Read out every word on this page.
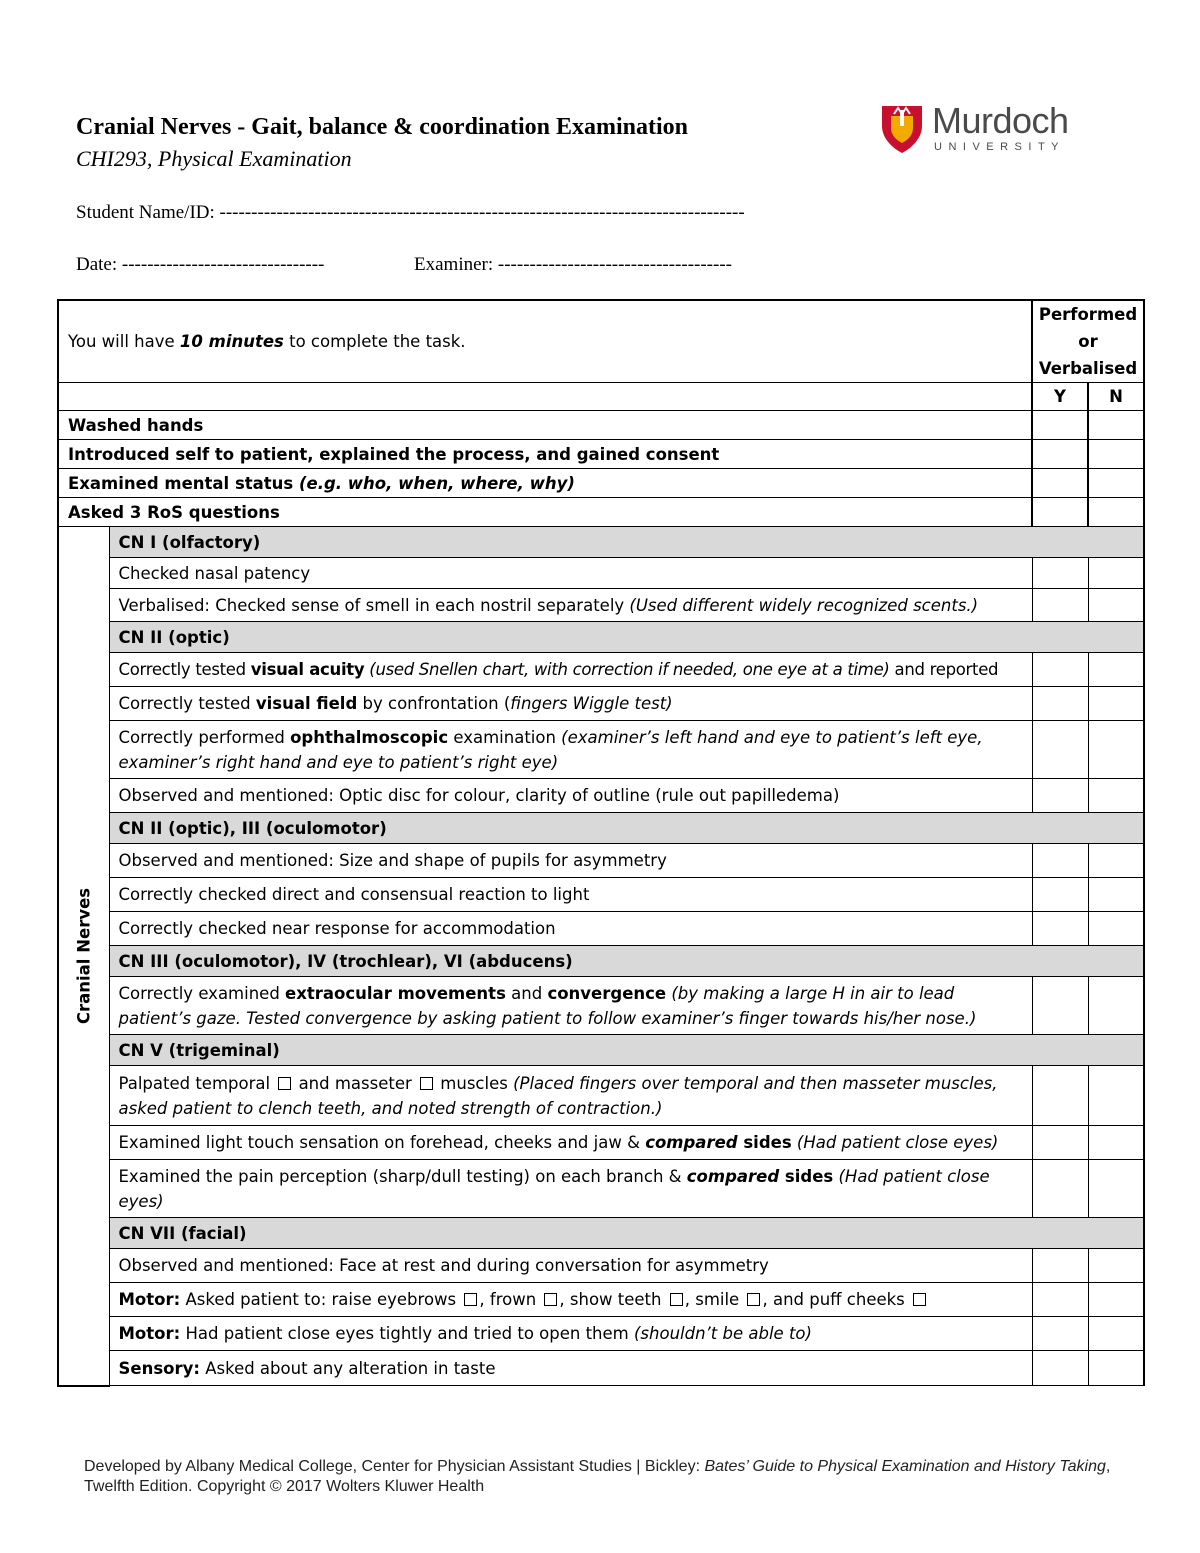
Cranial Nerves - Gait, balance & coordination Examination
CHI293, Physical Examination
Murdoch
UNIVERSITY
Student Name/ID: -----------------------------------------------------------------------------------
Date: --------------------------------	Examiner: -------------------------------------
You will have 10 minutes to complete the task.		Performed
or
Verbalised	

		Y	N
Washed hands			
Introduced self to patient, explained the process, and gained consent			
Examined mental status (e.g. who, when, where, why)			
Asked 3 RoS questions			

Cranial Nerves	CN I (olfactory)		
	Checked nasal patency		
	Verbalised: Checked sense of smell in each nostril separately (Used different widely recognized scents.)		
	CN II (optic)		
	Correctly tested visual acuity (used Snellen chart, with correction if needed, one eye at a time) and reported		
	Correctly tested visual field by confrontation (fingers Wiggle test)		
	Correctly performed ophthalmoscopic examination (examiner’s left hand and eye to patient’s left eye, examiner’s right hand and eye to patient’s right eye)		
	Observed and mentioned: Optic disc for colour, clarity of outline (rule out papilledema)		
	CN II (optic), III (oculomotor)		
	Observed and mentioned: Size and shape of pupils for asymmetry		
	Correctly checked direct and consensual reaction to light		
	Correctly checked near response for accommodation		
	CN III (oculomotor), IV (trochlear), VI (abducens)		
	Correctly examined extraocular movements and convergence (by making a large H in air to lead patient’s gaze. Tested convergence by asking patient to follow examiner’s finger towards his/her nose.)		
	CN V (trigeminal)		
	Palpated temporal  and masseter  muscles (Placed fingers over temporal and then masseter muscles, asked patient to clench teeth, and noted strength of contraction.)		
	Examined light touch sensation on forehead, cheeks and jaw & compared sides (Had patient close eyes)		
	Examined the pain perception (sharp/dull testing) on each branch & compared sides (Had patient close eyes)		
	CN VII (facial)		
	Observed and mentioned: Face at rest and during conversation for asymmetry		
	Motor: Asked patient to: raise eyebrows , frown , show teeth , smile , and puff cheeks		
	Motor: Had patient close eyes tightly and tried to open them (shouldn’t be able to)		
	Sensory: Asked about any alteration in taste		
Developed by Albany Medical College, Center for Physician Assistant Studies | Bickley: Bates’ Guide to Physical Examination and History Taking, Twelfth Edition. Copyright © 2017 Wolters Kluwer Health
